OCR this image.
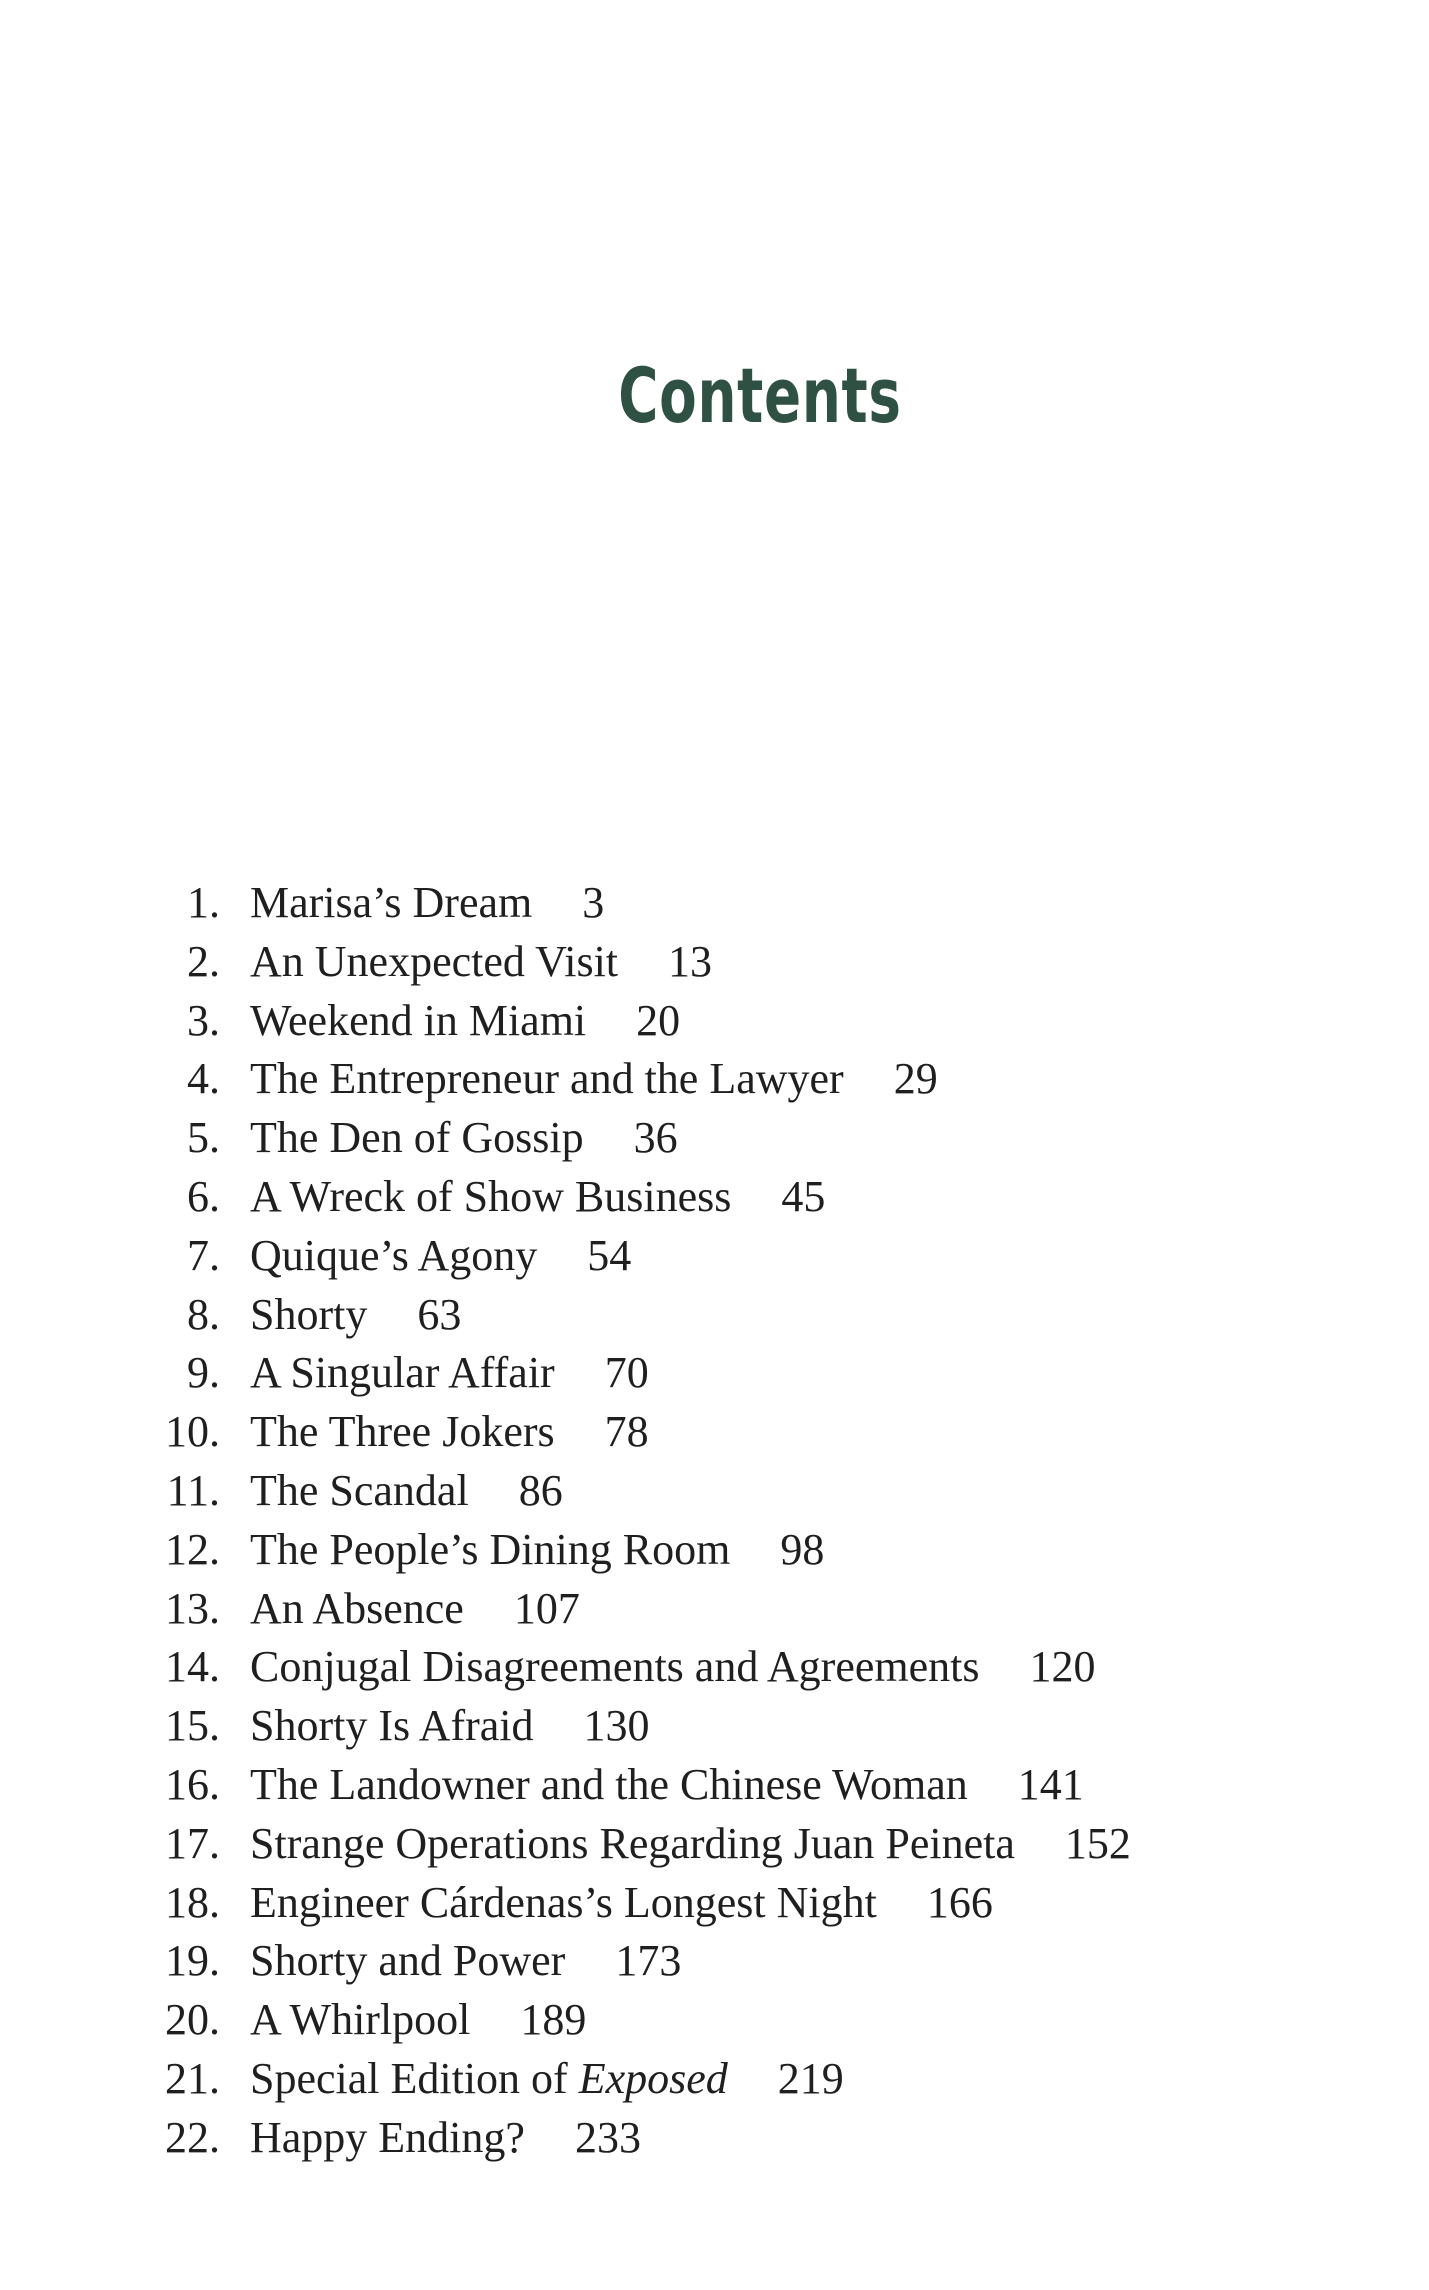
Contents
1. Marisa’s Dream 3
2. An Unexpected Visit 13
3. Weekend in Miami 20
4. The Entrepreneur and the Lawyer 29
5. The Den of Gossip 36
6. A Wreck of Show Business 45
7. Quique’s Agony 54
8. Shorty 63
9. A Singular Affair 70
10. The Three Jokers 78
11. The Scandal 86
12. The People’s Dining Room 98
13. An Absence 107
14. Conjugal Disagreements and Agreements 120
15. Shorty Is Afraid 130
16. The Landowner and the Chinese Woman 141
17. Strange Operations Regarding Juan Peineta 152
18. Engineer Cárdenas’s Longest Night 166
19. Shorty and Power 173
20. A Whirlpool 189
21. Special Edition of Exposed 219
22. Happy Ending? 233
